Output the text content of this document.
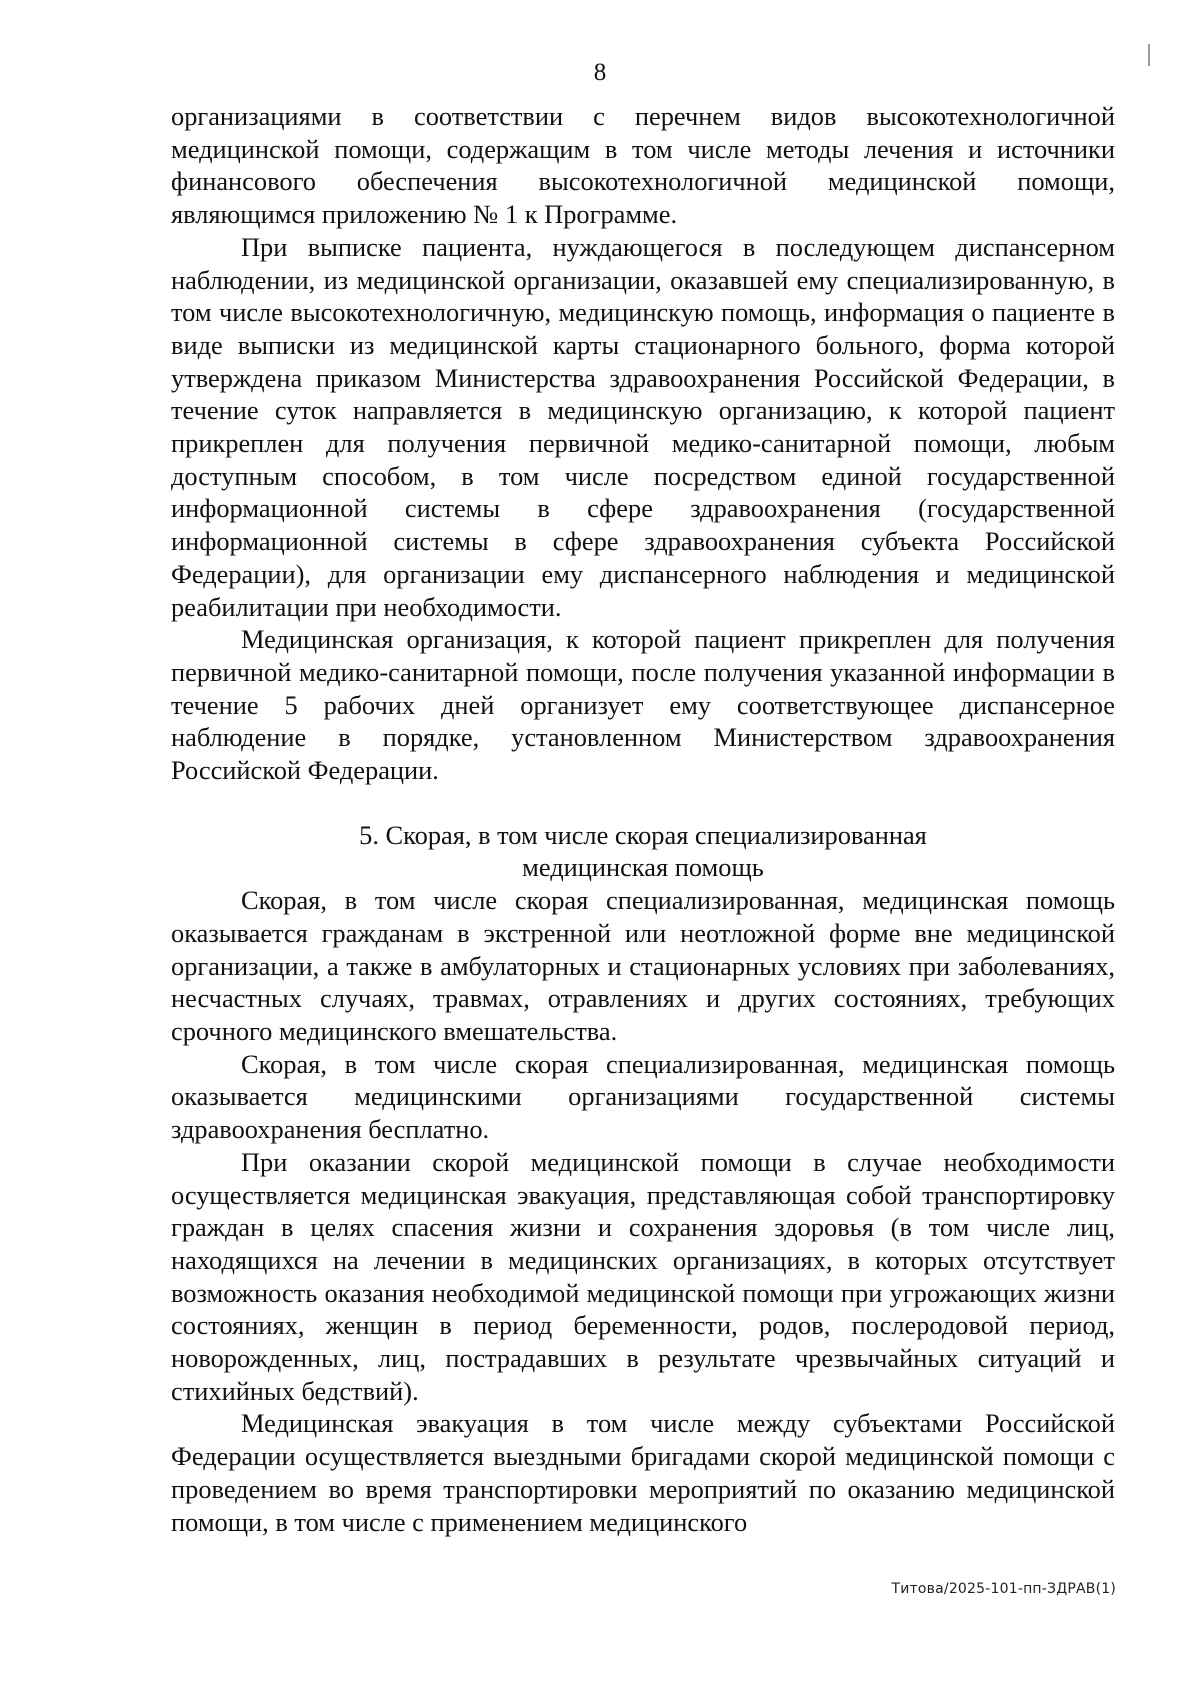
8

организациями в соответствии с перечнем видов высокотехнологичной медицинской помощи, содержащим в том числе методы лечения и источники финансового обеспечения высокотехнологичной медицинской помощи, являющимся приложению № 1 к Программе.

При выписке пациента, нуждающегося в последующем диспансерном наблюдении, из медицинской организации, оказавшей ему специализированную, в том числе высокотехнологичную, медицинскую помощь, информация о пациенте в виде выписки из медицинской карты стационарного больного, форма которой утверждена приказом Министерства здравоохранения Российской Федерации, в течение суток направляется в медицинскую организацию, к которой пациент прикреплен для получения первичной медико-санитарной помощи, любым доступным способом, в том числе посредством единой государственной информационной системы в сфере здравоохранения (государственной информационной системы в сфере здравоохранения субъекта Российской Федерации), для организации ему диспансерного наблюдения и медицинской реабилитации при необходимости.

Медицинская организация, к которой пациент прикреплен для получения первичной медико-санитарной помощи, после получения указанной информации в течение 5 рабочих дней организует ему соответствующее диспансерное наблюдение в порядке, установленном Министерством здравоохранения Российской Федерации.

5. Скорая, в том числе скорая специализированная
медицинская помощь

Скорая, в том числе скорая специализированная, медицинская помощь оказывается гражданам в экстренной или неотложной форме вне медицинской организации, а также в амбулаторных и стационарных условиях при заболеваниях, несчастных случаях, травмах, отравлениях и других состояниях, требующих срочного медицинского вмешательства.

Скорая, в том числе скорая специализированная, медицинская помощь оказывается медицинскими организациями государственной системы здравоохранения бесплатно.

При оказании скорой медицинской помощи в случае необходимости осуществляется медицинская эвакуация, представляющая собой транспортировку граждан в целях спасения жизни и сохранения здоровья (в том числе лиц, находящихся на лечении в медицинских организациях, в которых отсутствует возможность оказания необходимой медицинской помощи при угрожающих жизни состояниях, женщин в период беременности, родов, послеродовой период, новорожденных, лиц, пострадавших в результате чрезвычайных ситуаций и стихийных бедствий).

Медицинская эвакуация в том числе между субъектами Российской Федерации осуществляется выездными бригадами скорой медицинской помощи с проведением во время транспортировки мероприятий по оказанию медицинской помощи, в том числе с применением медицинского

Титова/2025-101-пп-ЗДРАВ(1)
